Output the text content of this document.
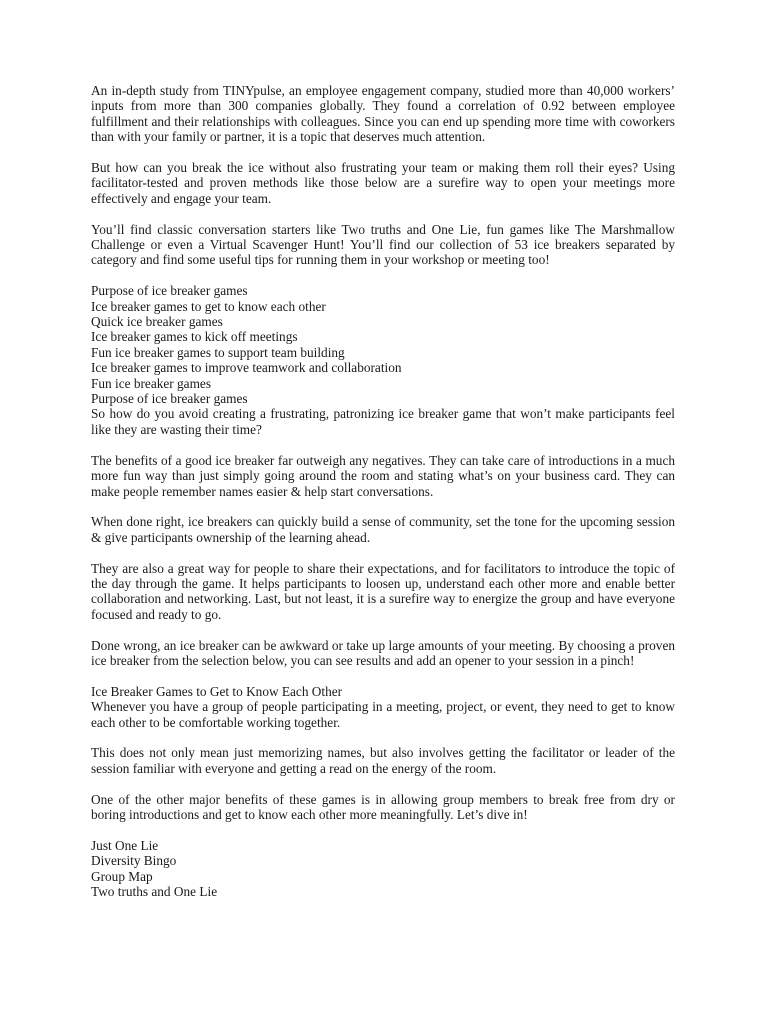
An in-depth study from TINYpulse, an employee engagement company, studied more than 40,000 workers’ inputs from more than 300 companies globally. They found a correlation of 0.92 between employee fulfillment and their relationships with colleagues. Since you can end up spending more time with coworkers than with your family or partner, it is a topic that deserves much attention.

But how can you break the ice without also frustrating your team or making them roll their eyes? Using facilitator-tested and proven methods like those below are a surefire way to open your meetings more effectively and engage your team.

You’ll find classic conversation starters like Two truths and One Lie, fun games like The Marshmallow Challenge or even a Virtual Scavenger Hunt! You’ll find our collection of 53 ice breakers separated by category and find some useful tips for running them in your workshop or meeting too!

Purpose of ice breaker games

Ice breaker games to get to know each other

Quick ice breaker games

Ice breaker games to kick off meetings

Fun ice breaker games to support team building

Ice breaker games to improve teamwork and collaboration

Fun ice breaker games

Purpose of ice breaker games

So how do you avoid creating a frustrating, patronizing ice breaker game that won’t make participants feel like they are wasting their time?

The benefits of a good ice breaker far outweigh any negatives. They can take care of introductions in a much more fun way than just simply going around the room and stating what’s on your business card. They can make people remember names easier & help start conversations.

When done right, ice breakers can quickly build a sense of community, set the tone for the upcoming session & give participants ownership of the learning ahead.

They are also a great way for people to share their expectations, and for facilitators to introduce the topic of the day through the game. It helps participants to loosen up, understand each other more and enable better collaboration and networking. Last, but not least, it is a surefire way to energize the group and have everyone focused and ready to go.

Done wrong, an ice breaker can be awkward or take up large amounts of your meeting. By choosing a proven ice breaker from the selection below, you can see results and add an opener to your session in a pinch!

Ice Breaker Games to Get to Know Each Other

Whenever you have a group of people participating in a meeting, project, or event, they need to get to know each other to be comfortable working together.

This does not only mean just memorizing names, but also involves getting the facilitator or leader of the session familiar with everyone and getting a read on the energy of the room.

One of the other major benefits of these games is in allowing group members to break free from dry or boring introductions and get to know each other more meaningfully. Let’s dive in!

Just One Lie

Diversity Bingo

Group Map

Two truths and One Lie
